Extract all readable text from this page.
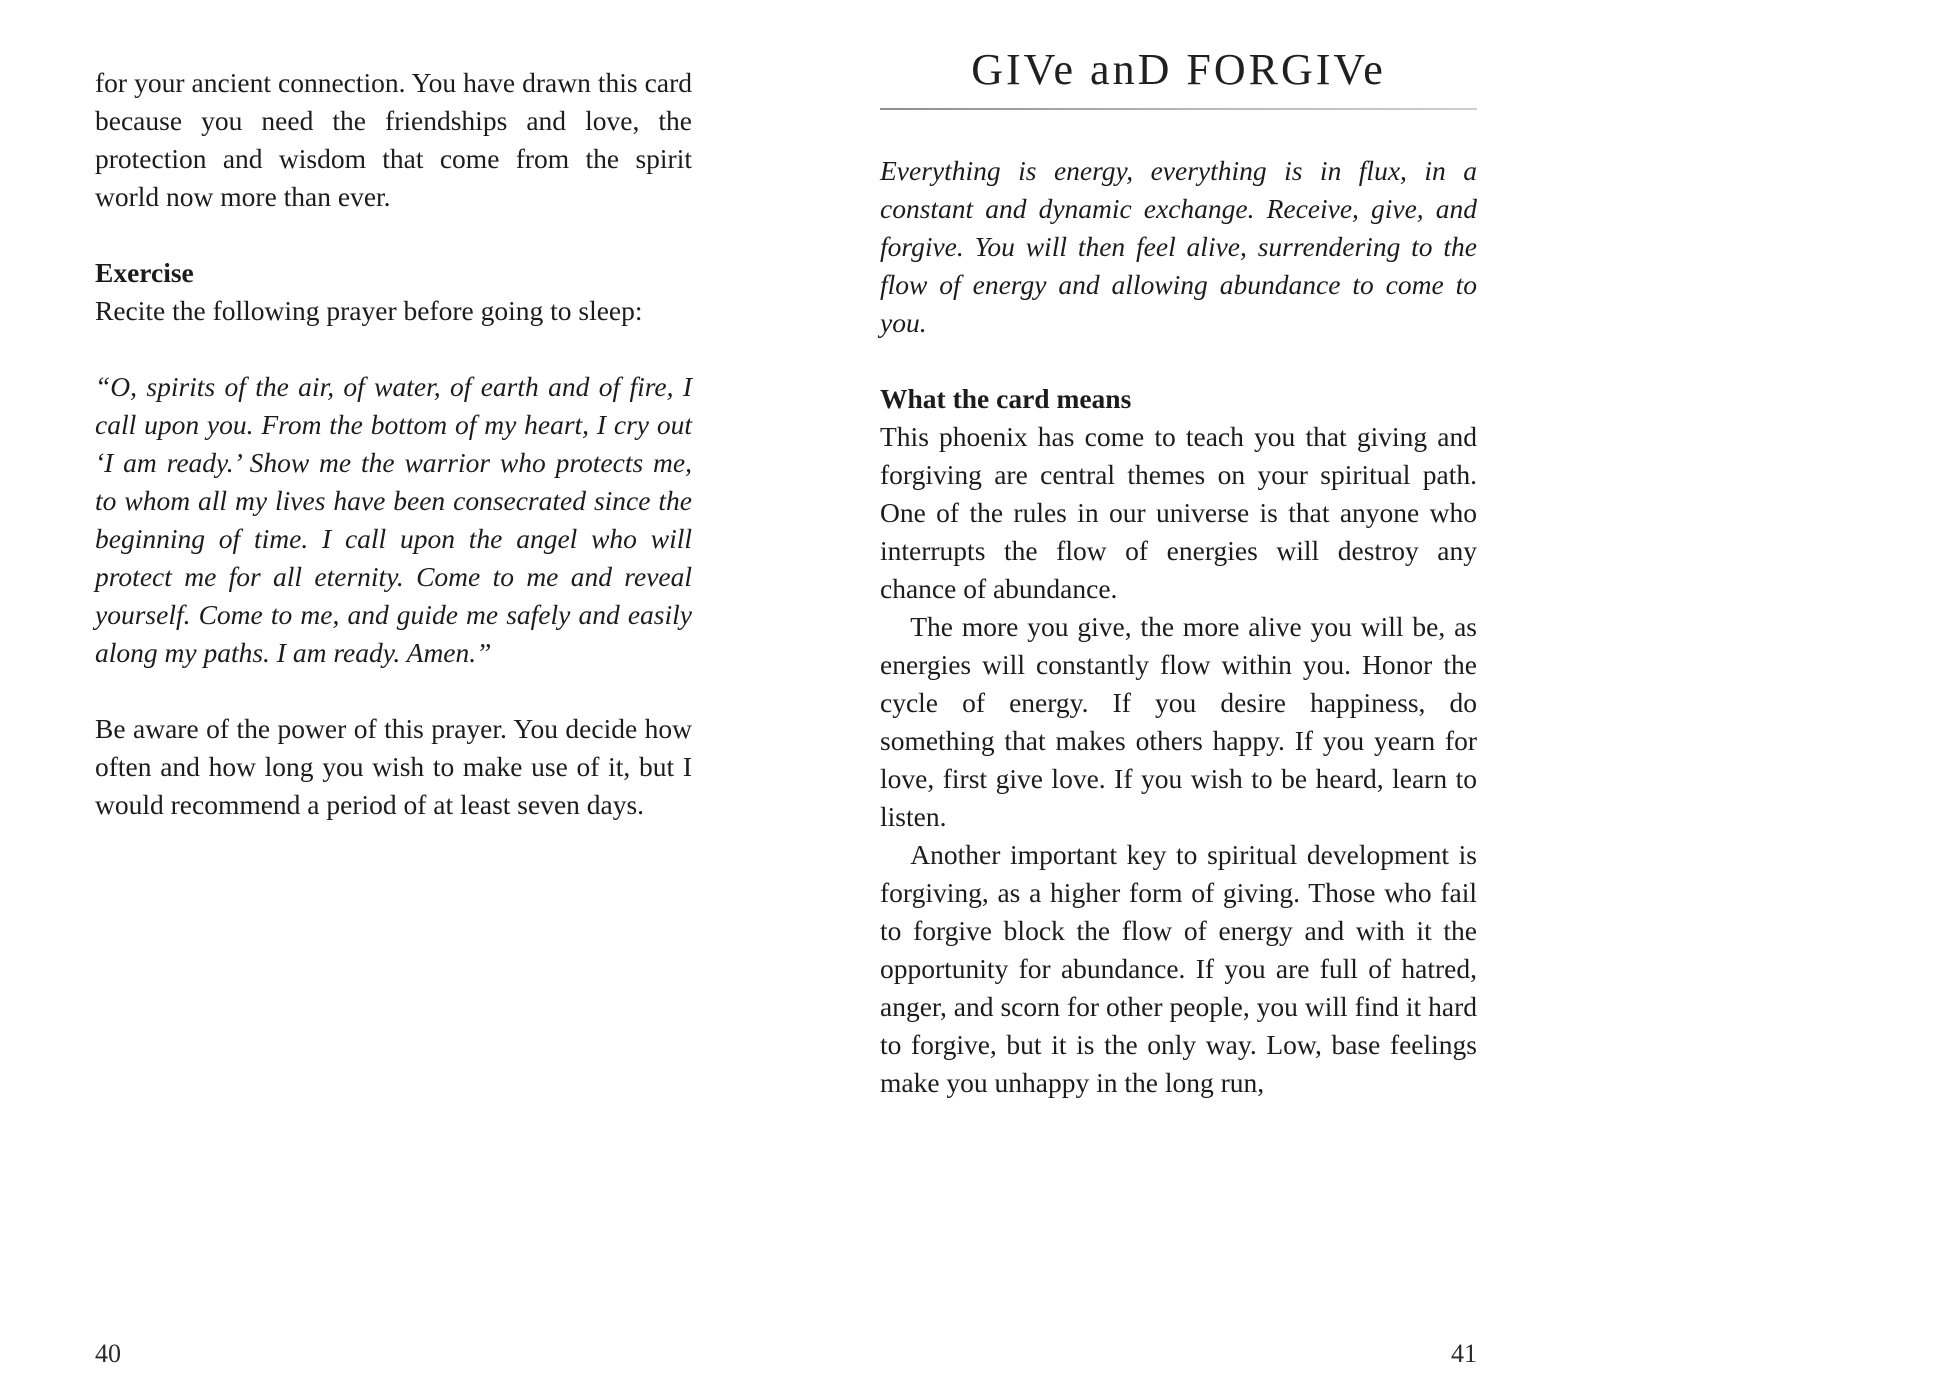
for your ancient connection. You have drawn this card because you need the friendships and love, the protection and wisdom that come from the spirit world now more than ever.

Exercise

Recite the following prayer before going to sleep:

“O, spirits of the air, of water, of earth and of fire, I call upon you. From the bottom of my heart, I cry out ‘I am ready.’ Show me the warrior who protects me, to whom all my lives have been consecrated since the beginning of time. I call upon the angel who will protect me for all eternity. Come to me and reveal yourself. Come to me, and guide me safely and easily along my paths. I am ready. Amen.”

Be aware of the power of this prayer. You decide how often and how long you wish to make use of it, but I would recommend a period of at least seven days.

40
GIVe anD FORGIVe

Everything is energy, everything is in flux, in a constant and dynamic exchange. Receive, give, and forgive. You will then feel alive, surrendering to the flow of energy and allowing abundance to come to you.

What the card means

This phoenix has come to teach you that giving and forgiving are central themes on your spiritual path. One of the rules in our universe is that anyone who interrupts the flow of energies will destroy any chance of abundance.

The more you give, the more alive you will be, as energies will constantly flow within you. Honor the cycle of energy. If you desire happiness, do something that makes others happy. If you yearn for love, first give love. If you wish to be heard, learn to listen.

Another important key to spiritual development is forgiving, as a higher form of giving. Those who fail to forgive block the flow of energy and with it the opportunity for abundance. If you are full of hatred, anger, and scorn for other people, you will find it hard to forgive, but it is the only way. Low, base feelings make you unhappy in the long run,

41
